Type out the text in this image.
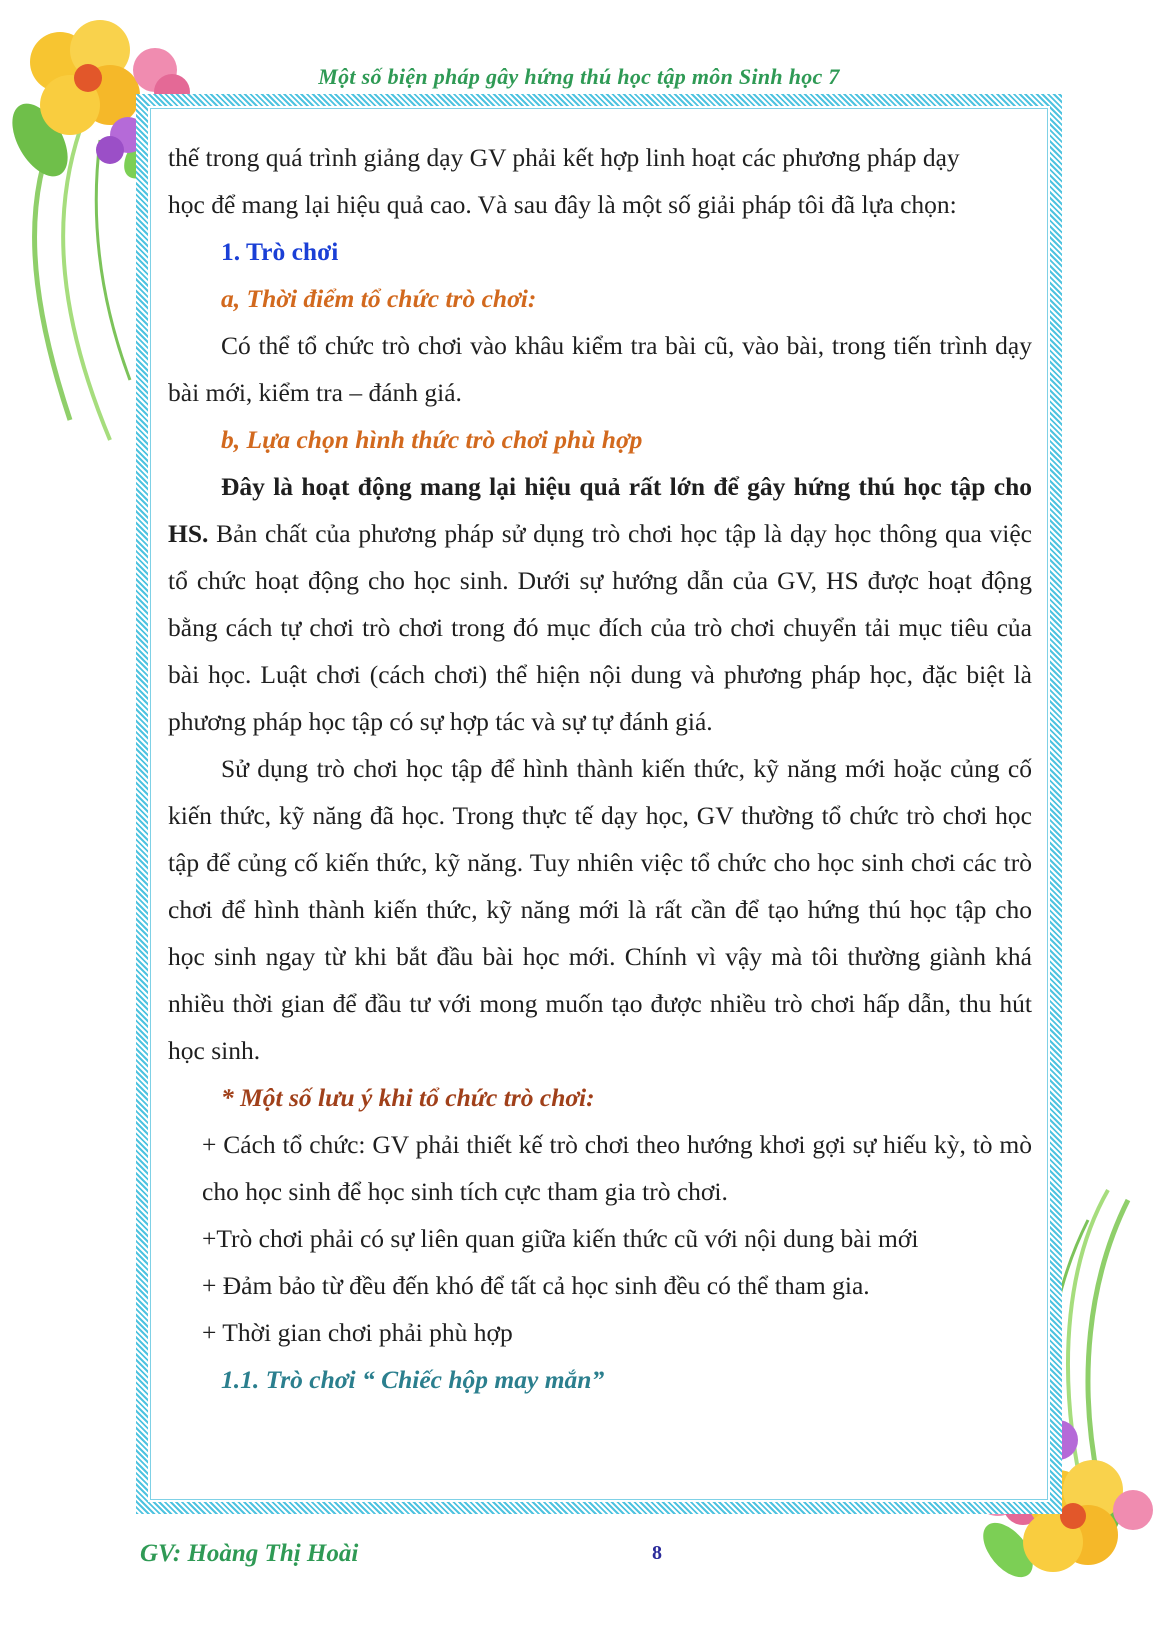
Một số biện pháp gây hứng thú học tập môn Sinh học 7

thế trong quá trình giảng dạy GV phải kết hợp linh hoạt các phương pháp dạy

học để mang lại hiệu quả cao. Và sau đây là một số giải pháp tôi đã lựa chọn:

1. Trò chơi

a, Thời điểm tổ chức trò chơi:

Có thể tổ chức trò chơi vào khâu kiểm tra bài cũ, vào bài, trong tiến trình dạy bài mới, kiểm tra – đánh giá.

b, Lựa chọn hình thức trò chơi phù hợp

Đây là hoạt động mang lại hiệu quả rất lớn để gây hứng thú học tập cho HS. Bản chất của phương pháp sử dụng trò chơi học tập là dạy học thông qua việc tổ chức hoạt động cho học sinh. Dưới sự hướng dẫn của GV, HS được hoạt động bằng cách tự chơi trò chơi trong đó mục đích của trò chơi chuyển tải mục tiêu của bài học. Luật chơi (cách chơi) thể hiện nội dung và phương pháp học, đặc biệt là phương pháp học tập có sự hợp tác và sự tự đánh giá.

Sử dụng trò chơi học tập để hình thành kiến thức, kỹ năng mới hoặc củng cố kiến thức, kỹ năng đã học. Trong thực tế dạy học, GV thường tổ chức trò chơi học tập để củng cố kiến thức, kỹ năng. Tuy nhiên việc tổ chức cho học sinh chơi các trò chơi để hình thành kiến thức, kỹ năng mới là rất cần để tạo hứng thú học tập cho học sinh ngay từ khi bắt đầu bài học mới. Chính vì vậy mà tôi thường giành khá nhiều thời gian để đầu tư với mong muốn tạo được nhiều trò chơi hấp dẫn, thu hút học sinh.

* Một số lưu ý khi tổ chức trò chơi:

+ Cách tổ chức: GV phải thiết kế trò chơi theo hướng khơi gợi sự hiếu kỳ, tò mò cho học sinh để học sinh tích cực tham gia trò chơi.

+Trò chơi phải có sự liên quan giữa kiến thức cũ với nội dung bài mới

+ Đảm bảo từ đều đến khó để tất cả học sinh đều có thể tham gia.

+ Thời gian chơi phải phù hợp

1.1. Trò chơi “ Chiếc hộp may mắn”

GV: Hoàng Thị Hoài	8
